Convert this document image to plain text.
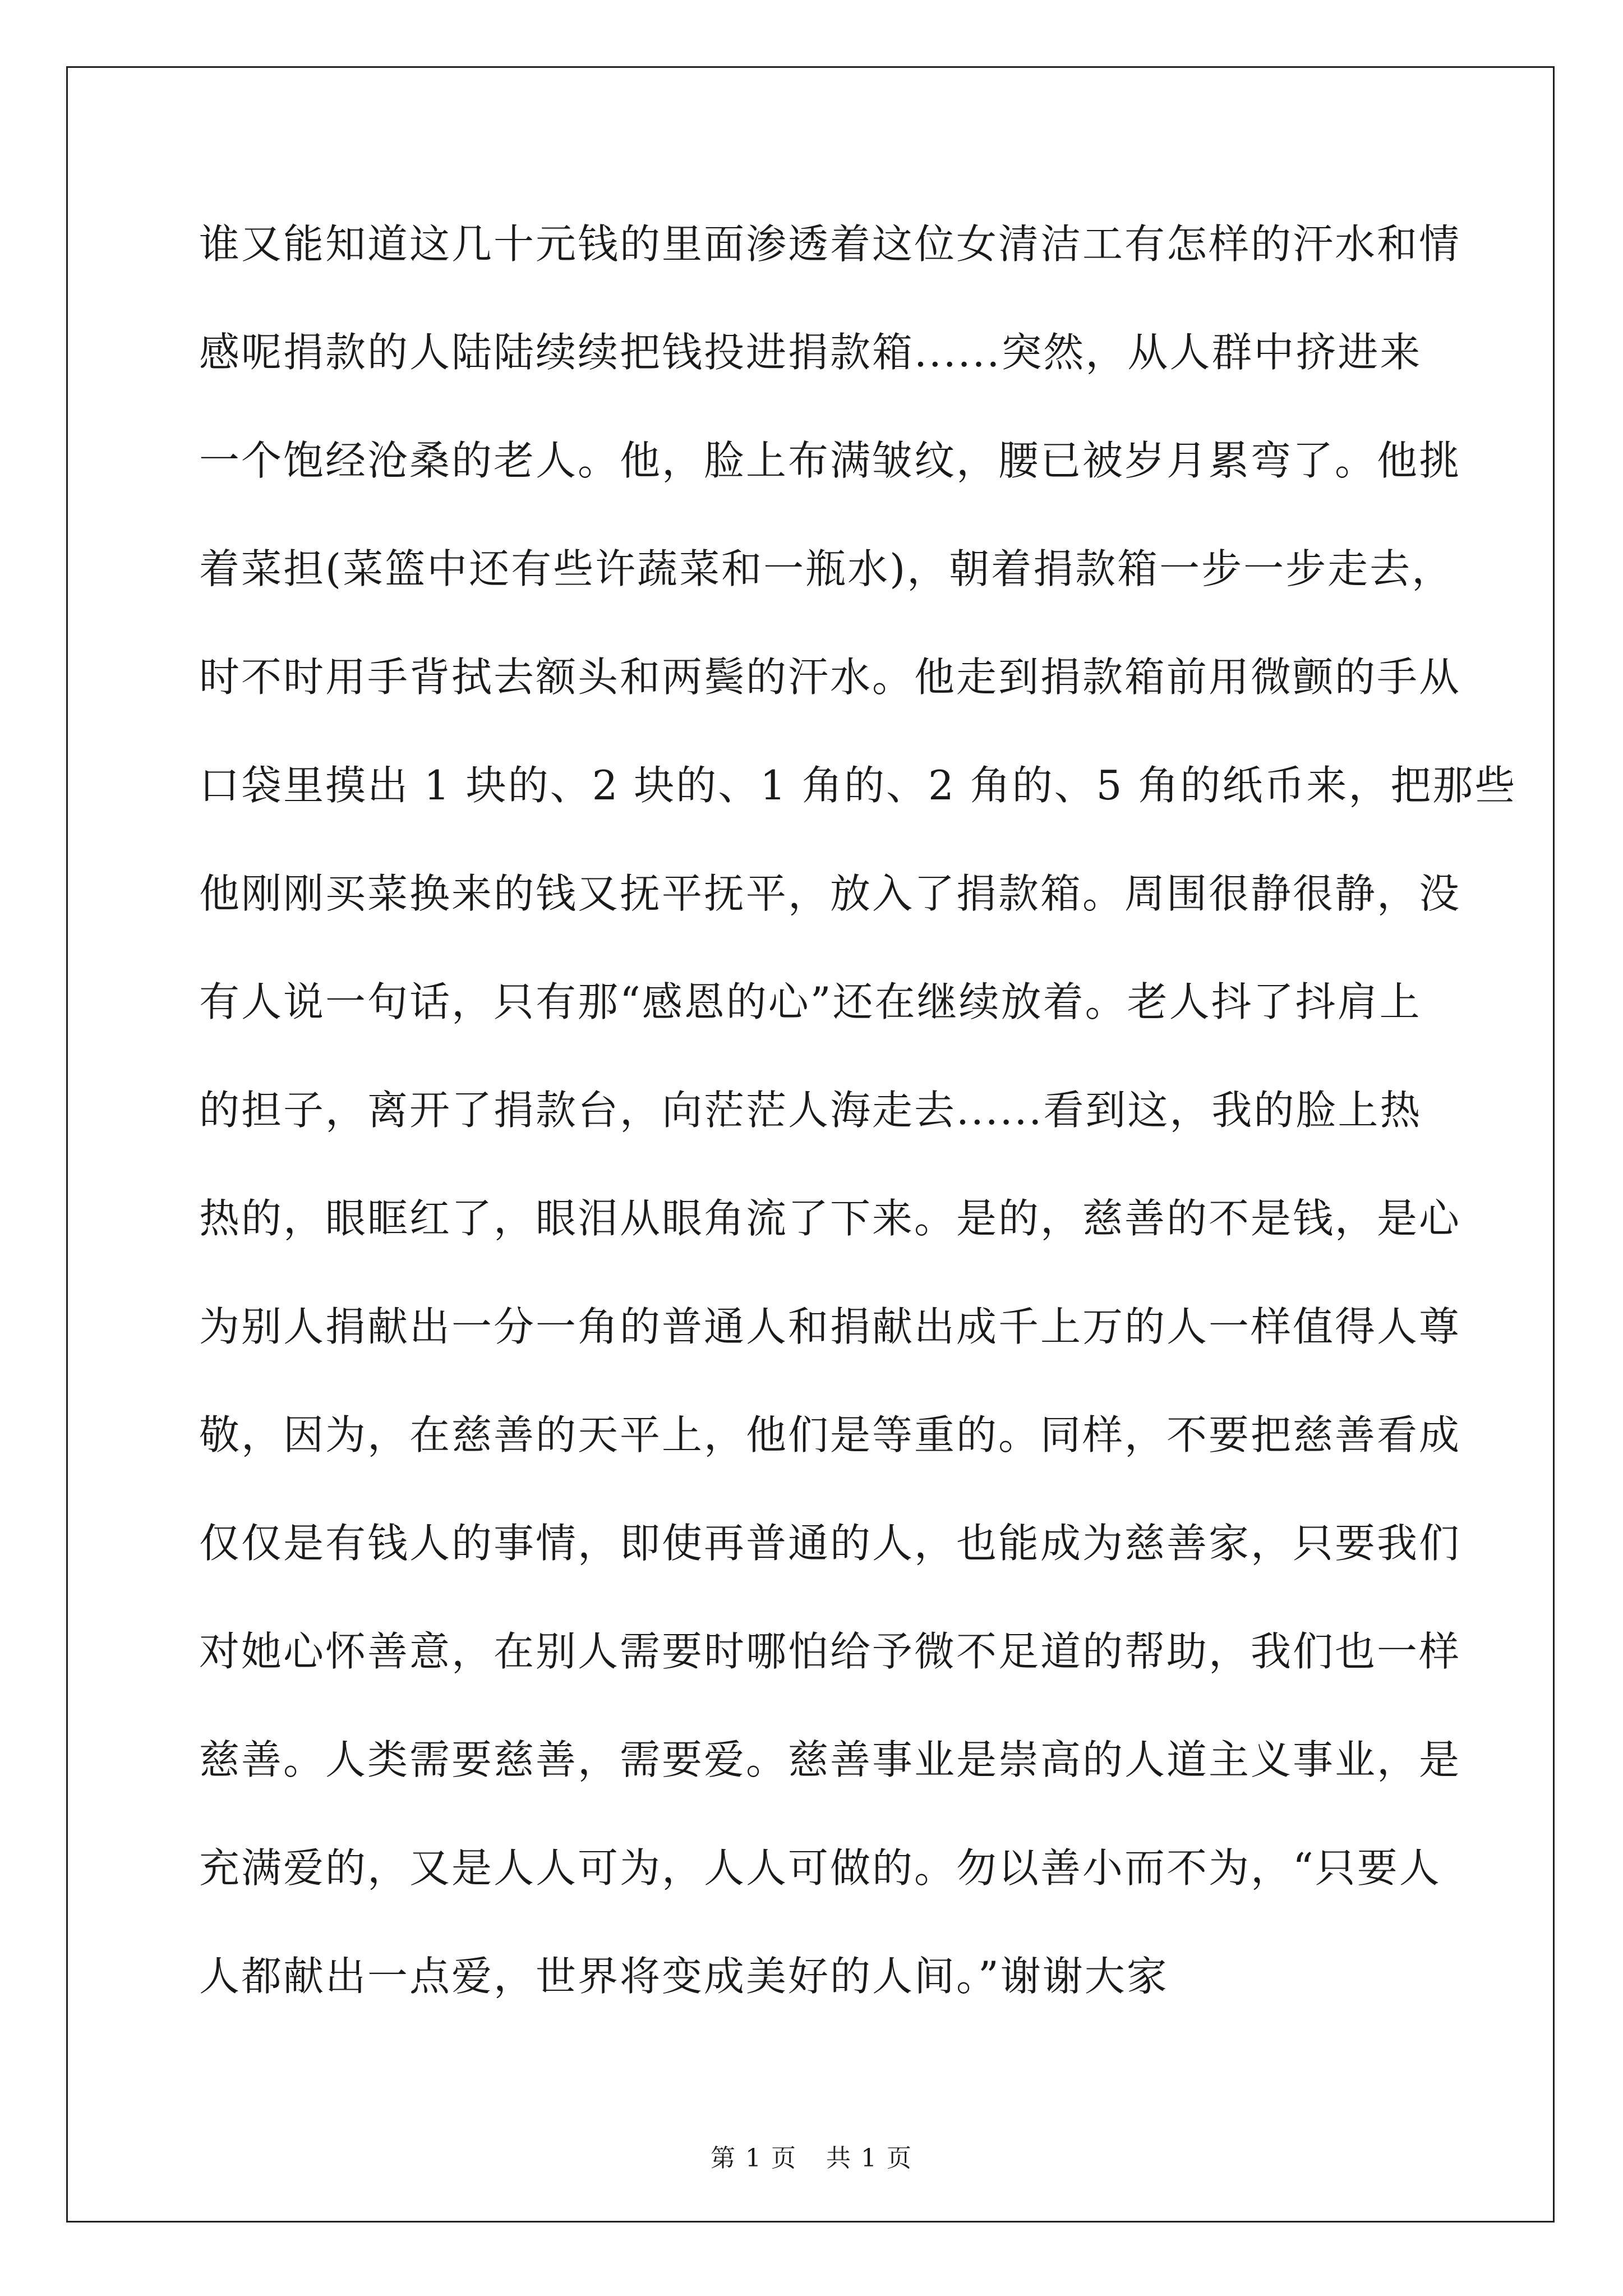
谁又能知道这几十元钱的里面渗透着这位女清洁工有怎样的汗水和情
感呢捐款的人陆陆续续把钱投进捐款箱......突然，从人群中挤进来
一个饱经沧桑的老人。他，脸上布满皱纹，腰已被岁月累弯了。他挑
着菜担(菜篮中还有些许蔬菜和一瓶水)，朝着捐款箱一步一步走去，
时不时用手背拭去额头和两鬓的汗水。他走到捐款箱前用微颤的手从
口袋里摸出 1 块的、2 块的、1 角的、2 角的、5 角的纸币来，把那些
他刚刚买菜换来的钱又抚平抚平，放入了捐款箱。周围很静很静，没
有人说一句话，只有那“感恩的心”还在继续放着。老人抖了抖肩上
的担子，离开了捐款台，向茫茫人海走去......看到这，我的脸上热
热的，眼眶红了，眼泪从眼角流了下来。是的，慈善的不是钱，是心
为别人捐献出一分一角的普通人和捐献出成千上万的人一样值得人尊
敬，因为，在慈善的天平上，他们是等重的。同样，不要把慈善看成
仅仅是有钱人的事情，即使再普通的人，也能成为慈善家，只要我们
对她心怀善意，在别人需要时哪怕给予微不足道的帮助，我们也一样
慈善。人类需要慈善，需要爱。慈善事业是崇高的人道主义事业，是
充满爱的，又是人人可为，人人可做的。勿以善小而不为，“只要人
人都献出一点爱，世界将变成美好的人间。”谢谢大家
第 1 页 共 1 页
